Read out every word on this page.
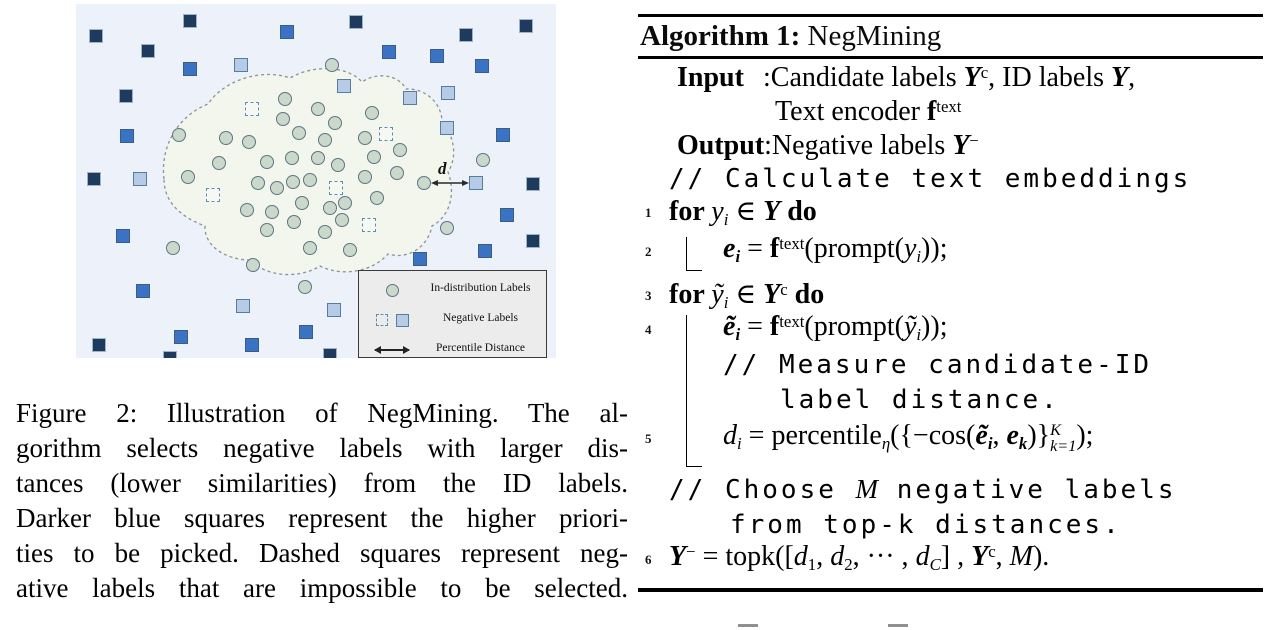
d
In-distribution Labels
Negative Labels
Percentile Distance
Figure 2: Illustration of NegMining. The al-
gorithm selects negative labels with larger dis-
tances (lower similarities) from the ID labels.
Darker blue squares represent the higher priori-
ties to be picked. Dashed squares represent neg-
ative labels that are impossible to be selected.
Algorithm 1: NegMining
Input :Candidate labels $Y^c$, ID labels Y,
Text encoder $f^{text}$
Output:Negative labels Y−
// Calculate text embeddings
1 for yi ∈ Y do
2	ei = $f^{text}(prompt(yi))$;
3 for ỹi ∈ $Y^c$ do
4	ẽi = $f^{text}(prompt(ỹi))$;
// Measure candidate-ID
label distance.
5	di = percentileη({−cos(ẽi, ek)} K
k=1 );
// Choose M negative labels
from top-k distances.
6 Y− = topk([d1, d2, ··· , dC] , $Y^c$, M).
